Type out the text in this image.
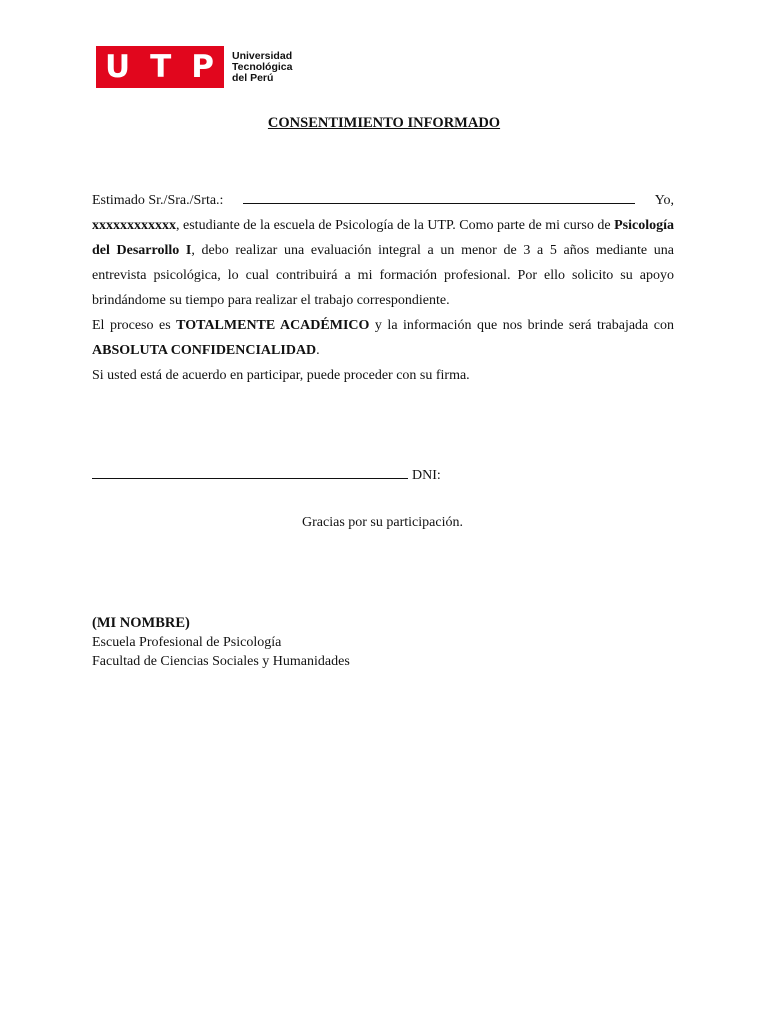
U T P Universidad
Tecnológica
del Perú
CONSENTIMIENTO INFORMADO

Estimado Sr./Sra./Srta.:	Yo,

xxxxxxxxxxxx, estudiante de la escuela de Psicología de la UTP. Como parte de mi curso de Psicología del Desarrollo I, debo realizar una evaluación integral a un menor de 3 a 5 años mediante una entrevista psicológica, lo cual contribuirá a mi formación profesional. Por ello solicito su apoyo brindándome su tiempo para realizar el trabajo correspondiente.

El proceso es TOTALMENTE ACADÉMICO y la información que nos brinde será trabajada con ABSOLUTA CONFIDENCIALIDAD.

Si usted está de acuerdo en participar, puede proceder con su firma.

DNI:
Gracias por su participación.
(MI NOMBRE)
Escuela Profesional de Psicología
Facultad de Ciencias Sociales y Humanidades
